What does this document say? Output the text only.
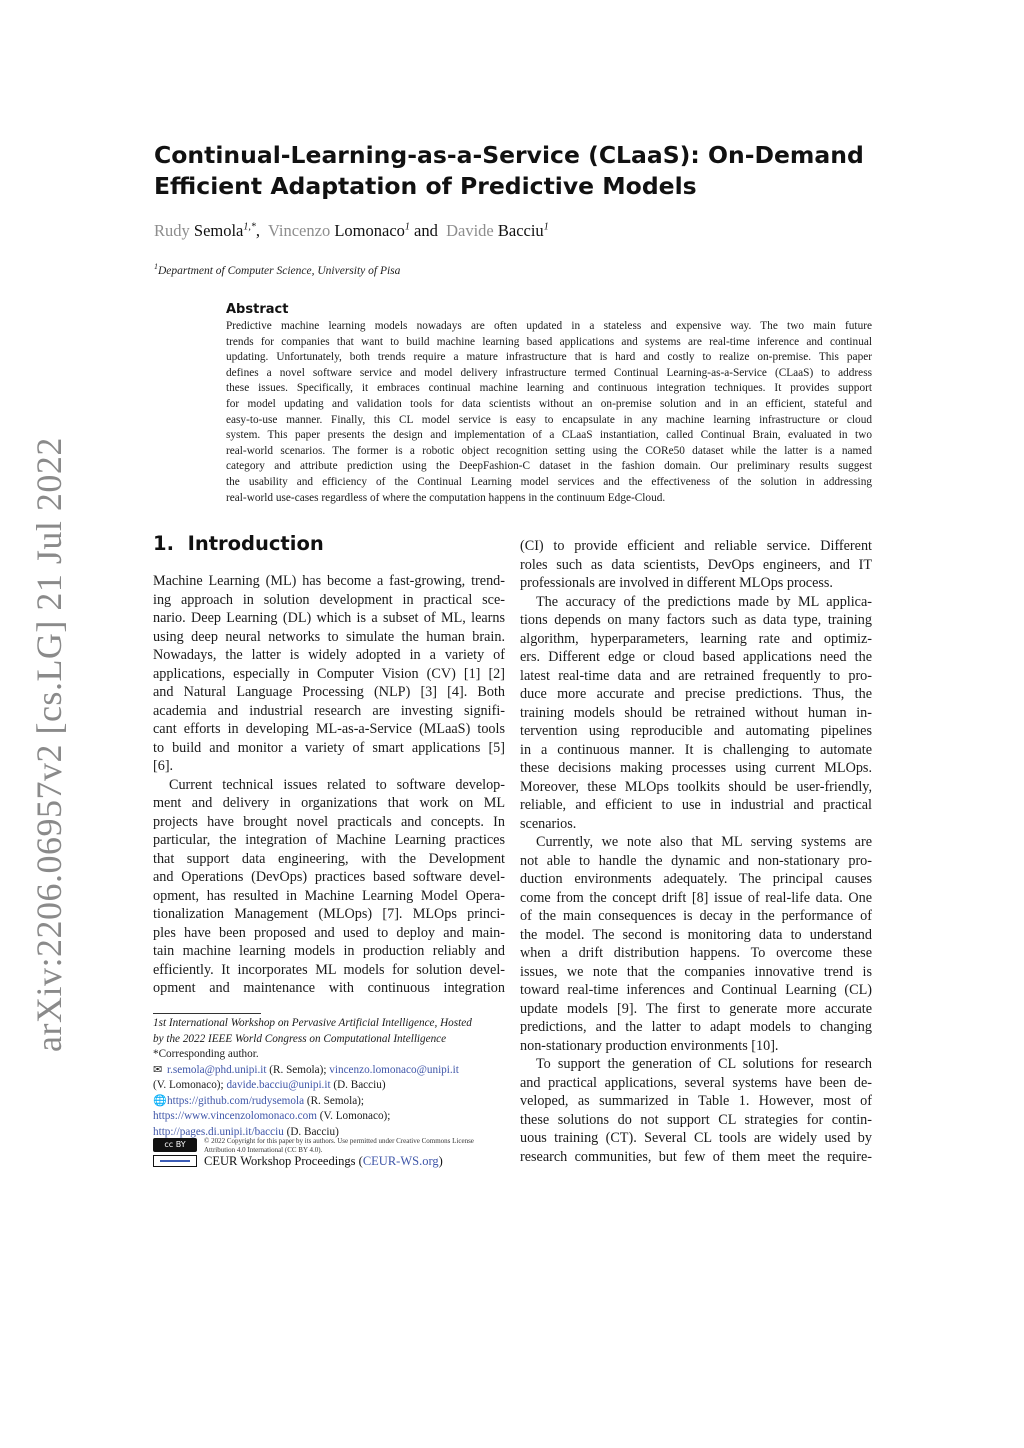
arXiv:2206.06957v2 [cs.LG] 21 Jul 2022
Continual-Learning-as-a-Service (CLaaS): On-Demand
Efficient Adaptation of Predictive Models
Rudy Semola$^{1,*}$,  Vincenzo Lomonaco$^1$ and Davide Bacciu$^1$
$^1$Department of Computer Science, University of Pisa
Abstract
Predictive machine learning models nowadays are often updated in a stateless and expensive way. The two main future
trends for companies that want to build machine learning based applications and systems are real-time inference and continual
updating. Unfortunately, both trends require a mature infrastructure that is hard and costly to realize on-premise. This paper
defines a novel software service and model delivery infrastructure termed Continual Learning-as-a-Service (CLaaS) to address
these issues. Specifically, it embraces continual machine learning and continuous integration techniques. It provides support
for model updating and validation tools for data scientists without an on-premise solution and in an efficient, stateful and
easy-to-use manner. Finally, this CL model service is easy to encapsulate in any machine learning infrastructure or cloud
system. This paper presents the design and implementation of a CLaaS instantiation, called Continual Brain, evaluated in two
real-world scenarios. The former is a robotic object recognition setting using the CORe50 dataset while the latter is a named
category and attribute prediction using the DeepFashion-C dataset in the fashion domain. Our preliminary results suggest
the usability and efficiency of the Continual Learning model services and the effectiveness of the solution in addressing
real-world use-cases regardless of where the computation happens in the continuum Edge-Cloud.
1. Introduction
Machine Learning (ML) has become a fast-growing, trend-
ing approach in solution development in practical sce-
nario. Deep Learning (DL) which is a subset of ML, learns
using deep neural networks to simulate the human brain.
Nowadays, the latter is widely adopted in a variety of
applications, especially in Computer Vision (CV) [1] [2]
and Natural Language Processing (NLP) [3] [4]. Both
academia and industrial research are investing signifi-
cant efforts in developing ML-as-a-Service (MLaaS) tools
to build and monitor a variety of smart applications [5]
[6].
Current technical issues related to software develop-
ment and delivery in organizations that work on ML
projects have brought novel practicals and concepts. In
particular, the integration of Machine Learning practices
that support data engineering, with the Development
and Operations (DevOps) practices based software devel-
opment, has resulted in Machine Learning Model Opera-
tionalization Management (MLOps) [7]. MLOps princi-
ples have been proposed and used to deploy and main-
tain machine learning models in production reliably and
efficiently. It incorporates ML models for solution devel-
opment and maintenance with continuous integration
(CI) to provide efficient and reliable service. Different
roles such as data scientists, DevOps engineers, and IT
professionals are involved in different MLOps process.
The accuracy of the predictions made by ML applica-
tions depends on many factors such as data type, training
algorithm, hyperparameters, learning rate and optimiz-
ers. Different edge or cloud based applications need the
latest real-time data and are retrained frequently to pro-
duce more accurate and precise predictions. Thus, the
training models should be retrained without human in-
tervention using reproducible and automating pipelines
in a continuous manner. It is challenging to automate
these decisions making processes using current MLOps.
Moreover, these MLOps toolkits should be user-friendly,
reliable, and efficient to use in industrial and practical
scenarios.
Currently, we note also that ML serving systems are
not able to handle the dynamic and non-stationary pro-
duction environments adequately. The principal causes
come from the concept drift [8] issue of real-life data. One
of the main consequences is decay in the performance of
the model. The second is monitoring data to understand
when a drift distribution happens. To overcome these
issues, we note that the companies innovative trend is
toward real-time inferences and Continual Learning (CL)
update models [9]. The first to generate more accurate
predictions, and the latter to adapt models to changing
non-stationary production environments [10].
To support the generation of CL solutions for research
and practical applications, several systems have been de-
veloped, as summarized in Table 1. However, most of
these solutions do not support CL strategies for contin-
uous training (CT). Several CL tools are widely used by
research communities, but few of them meet the require-
1st International Workshop on Pervasive Artificial Intelligence, Hosted
by the 2022 IEEE World Congress on Computational Intelligence
*Corresponding author.
✉ r.semola@phd.unipi.it (R. Semola); vincenzo.lomonaco@unipi.it
(V. Lomonaco); davide.bacciu@unipi.it (D. Bacciu)
🌐https://github.com/rudysemola (R. Semola);
https://www.vincenzolomonaco.com (V. Lomonaco);
http://pages.di.unipi.it/bacciu (D. Bacciu)
cc BY	© 2022 Copyright for this paper by its authors. Use permitted under Creative Commons License
Attribution 4.0 International (CC BY 4.0).
CEUR Workshop Proceedings (CEUR-WS.org)
